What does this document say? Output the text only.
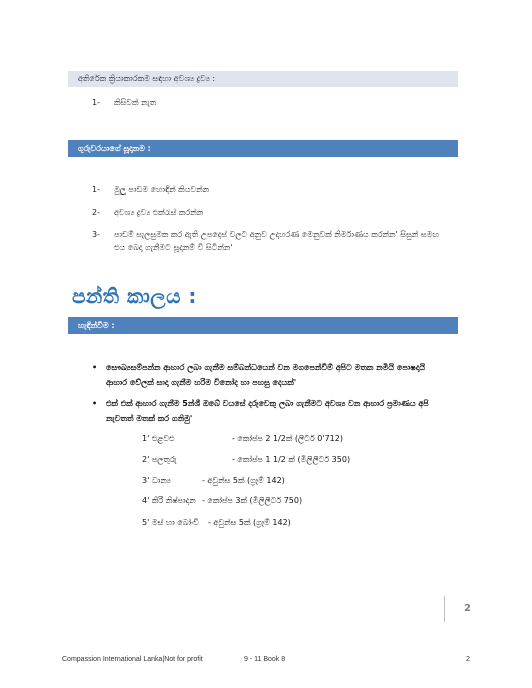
අතිරේක ක්‍රියාකාරකම සඳහා අවශ්‍ය ද්‍රව්‍ය :
1- කිසිවක් නැත
ගුරුවරයාගේ සූදානම :
1- මුලු පාඩම හොඳින් කියවන්න
2- අවශ්‍ය ද්‍රව්‍ය එක්රැස් කරන්න
3- පාඩම් සැලසුමක කර ඇති උපදෙස් වලට අනුව උදාහරණ මෙනුවක් නිර්මාණය කරන්න' සිසුන් සමඟ
එය බෙදා ගැනීමට සූදානම් වී සිටින්න'
පන්ති කාලය :
හැඳින්වීම :
• සෞඛ්‍යසම්පන්න ආහාර ලබා ගැනීම සම්බන්ධයෙන් වන මගපෙන්වීම් අපිට මතක නමියි පොෂදායි
ආහාර වේලක් සාදා ගැනීම හරිම විනෝද හා පහසු දෙයක්'
• එක් එක් ආහාර ගැනීම 5න්ශී ඔබේ වයසේ දරුවෙකු ලබා ගැනීමට අවශ්‍ය වන ආහාර ප්‍රමාණය අපි
නැවතත් මතක් කර ගනිමු'
1' එළවළු	- කෝප්ප 2 1/2ක් (ලීටර් 0'712)
2' පලතුරු	- කෝප්ප 1 1/2 ක් (මිලිලීටර් 350)
3' ධාන්‍ය	- අවුන්ස 5ක් (ග්‍රෑම් 142)
4' කිරි නිෂ්පාදන - කෝප්ප 3ක් (මිලිලීටර් 750)
5' මස් හා බෝංචි - අවුන්ස 5ක් (ග්‍රෑම් 142)
2
Compassion International Lanka|Not for profit	9 - 11 Book 8	2
